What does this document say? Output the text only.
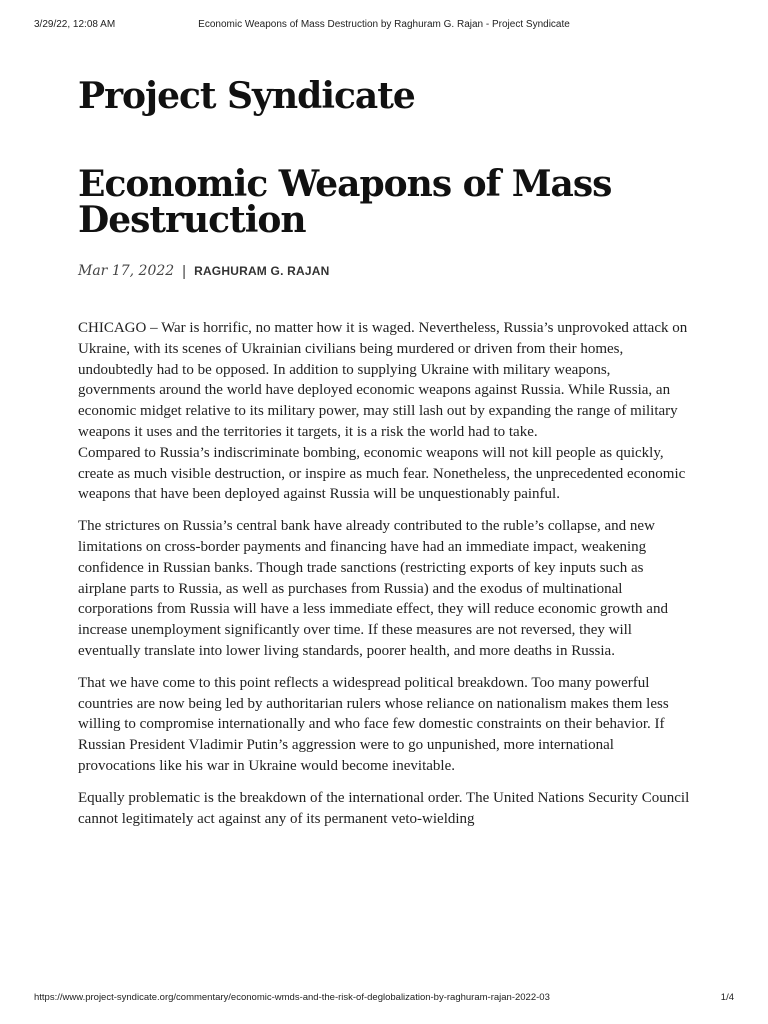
3/29/22, 12:08 AM	Economic Weapons of Mass Destruction by Raghuram G. Rajan - Project Syndicate
Project Syndicate
Economic Weapons of Mass Destruction
Mar 17, 2022 | RAGHURAM G. RAJAN

CHICAGO – War is horrific, no matter how it is waged. Nevertheless, Russia’s unprovoked attack on Ukraine, with its scenes of Ukrainian civilians being murdered or driven from their homes, undoubtedly had to be opposed. In addition to supplying Ukraine with military weapons, governments around the world have deployed economic weapons against Russia. While Russia, an economic midget relative to its military power, may still lash out by expanding the range of military weapons it uses and the territories it targets, it is a risk the world had to take.

Compared to Russia’s indiscriminate bombing, economic weapons will not kill people as quickly, create as much visible destruction, or inspire as much fear. Nonetheless, the unprecedented economic weapons that have been deployed against Russia will be unquestionably painful.

The strictures on Russia’s central bank have already contributed to the ruble’s collapse, and new limitations on cross-border payments and financing have had an immediate impact, weakening confidence in Russian banks. Though trade sanctions (restricting exports of key inputs such as airplane parts to Russia, as well as purchases from Russia) and the exodus of multinational corporations from Russia will have a less immediate effect, they will reduce economic growth and increase unemployment significantly over time. If these measures are not reversed, they will eventually translate into lower living standards, poorer health, and more deaths in Russia.

That we have come to this point reflects a widespread political breakdown. Too many powerful countries are now being led by authoritarian rulers whose reliance on nationalism makes them less willing to compromise internationally and who face few domestic constraints on their behavior. If Russian President Vladimir Putin’s aggression were to go unpunished, more international provocations like his war in Ukraine would become inevitable.

Equally problematic is the breakdown of the international order. The United Nations Security Council cannot legitimately act against any of its permanent veto-wielding

https://www.project-syndicate.org/commentary/economic-wmds-and-the-risk-of-deglobalization-by-raghuram-rajan-2022-03	1/4
